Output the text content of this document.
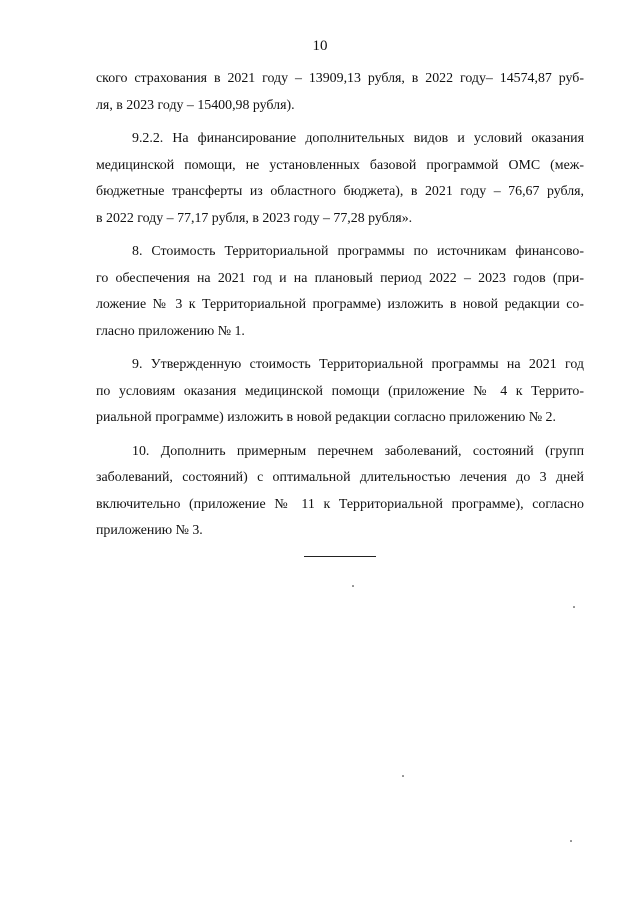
10
ского страхования в 2021 году – 13909,13 рубля, в 2022 году– 14574,87 руб-
ля, в 2023 году – 15400,98 рубля).
9.2.2. На финансирование дополнительных видов и условий оказания
медицинской помощи, не установленных базовой программой ОМС (меж-
бюджетные трансферты из областного бюджета), в 2021 году – 76,67 рубля,
в 2022 году – 77,17 рубля, в 2023 году – 77,28 рубля».
8. Стоимость Территориальной программы по источникам финансово-
го обеспечения на 2021 год и на плановый период 2022 – 2023 годов (при-
ложение № 3 к Территориальной программе) изложить в новой редакции со-
гласно приложению № 1.
9. Утвержденную стоимость Территориальной программы на 2021 год
по условиям оказания медицинской помощи (приложение № 4 к Террито-
риальной программе) изложить в новой редакции согласно приложению № 2.
10. Дополнить примерным перечнем заболеваний, состояний (групп
заболеваний, состояний) с оптимальной длительностью лечения до 3 дней
включительно (приложение № 11 к Территориальной программе), согласно
приложению № 3.
